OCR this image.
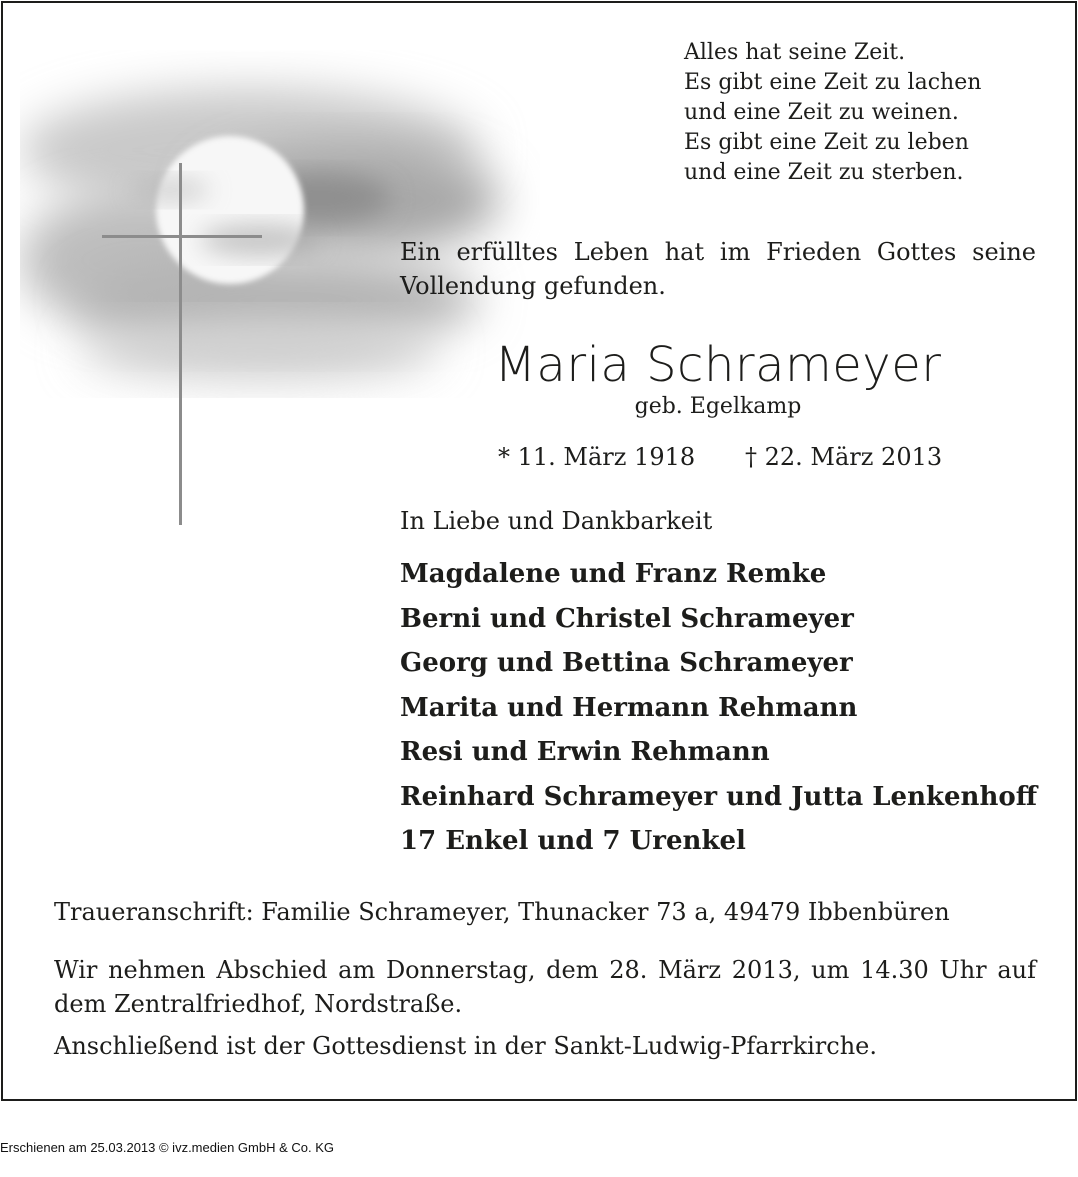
Alles hat seine Zeit.
Es gibt eine Zeit zu lachen
und eine Zeit zu weinen.
Es gibt eine Zeit zu leben
und eine Zeit zu sterben.
Ein erfülltes Leben hat im Frieden Gottes seine Vollendung gefunden.
Maria Schrameyer
geb. Egelkamp
* 11. März 1918 † 22. März 2013
In Liebe und Dankbarkeit
Magdalene und Franz Remke
Berni und Christel Schrameyer
Georg und Bettina Schrameyer
Marita und Hermann Rehmann
Resi und Erwin Rehmann
Reinhard Schrameyer und Jutta Lenkenhoff
17 Enkel und 7 Urenkel
Traueranschrift: Familie Schrameyer, Thunacker 73 a, 49479 Ibbenbüren
Wir nehmen Abschied am Donnerstag, dem 28. März 2013, um 14.30 Uhr auf dem Zentralfriedhof, Nordstraße.
Anschließend ist der Gottesdienst in der Sankt-Ludwig-Pfarrkirche.
Erschienen am 25.03.2013 © ivz.medien GmbH & Co. KG
